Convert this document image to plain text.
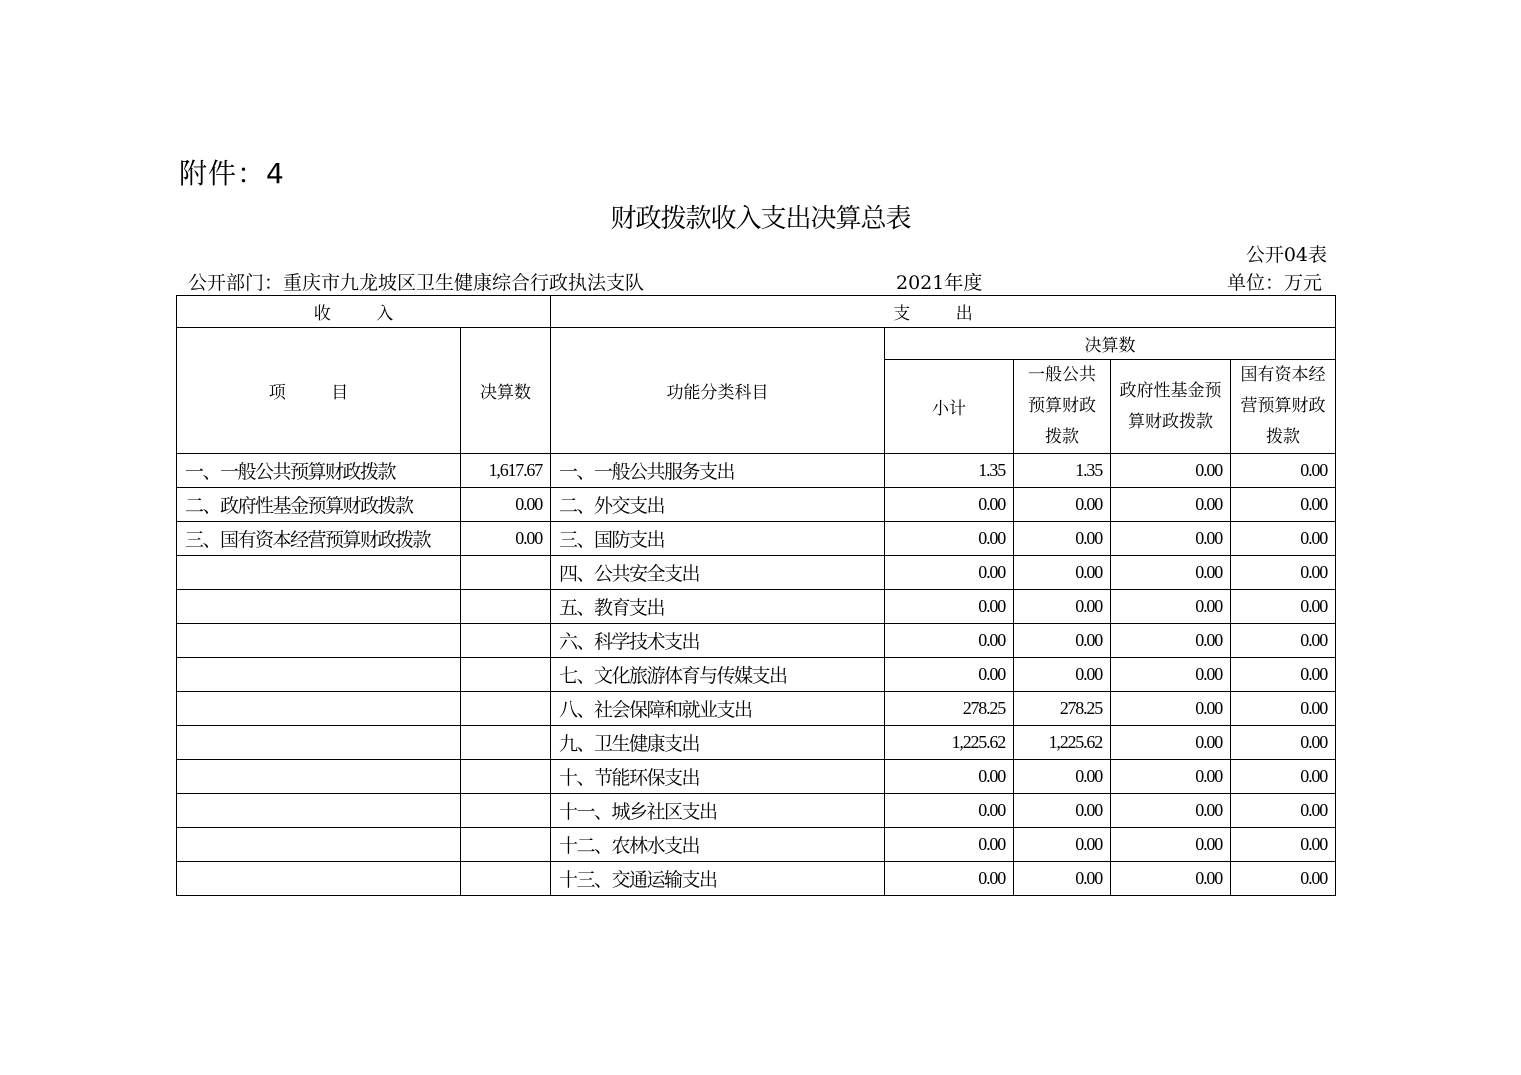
附件：4
财政拨款收入支出决算总表
公开04表
公开部门：重庆市九龙坡区卫生健康综合行政执法支队	2021年度	单位：万元
收 入		支 出				
项 目	决算数	功能分类科目	决算数			
			小计	一般公共预算财政拨款	政府性基金预算财政拨款	国有资本经营预算财政拨款
一、一般公共预算财政拨款	1,617.67	一、一般公共服务支出	1.35	1.35	0.00	0.00
二、政府性基金预算财政拨款	0.00	二、外交支出	0.00	0.00	0.00	0.00
三、国有资本经营预算财政拨款	0.00	三、国防支出	0.00	0.00	0.00	0.00
		四、公共安全支出	0.00	0.00	0.00	0.00
		五、教育支出	0.00	0.00	0.00	0.00
		六、科学技术支出	0.00	0.00	0.00	0.00
		七、文化旅游体育与传媒支出	0.00	0.00	0.00	0.00
		八、社会保障和就业支出	278.25	278.25	0.00	0.00
		九、卫生健康支出	1,225.62	1,225.62	0.00	0.00
		十、节能环保支出	0.00	0.00	0.00	0.00
		十一、城乡社区支出	0.00	0.00	0.00	0.00
		十二、农林水支出	0.00	0.00	0.00	0.00
		十三、交通运输支出	0.00	0.00	0.00	0.00
